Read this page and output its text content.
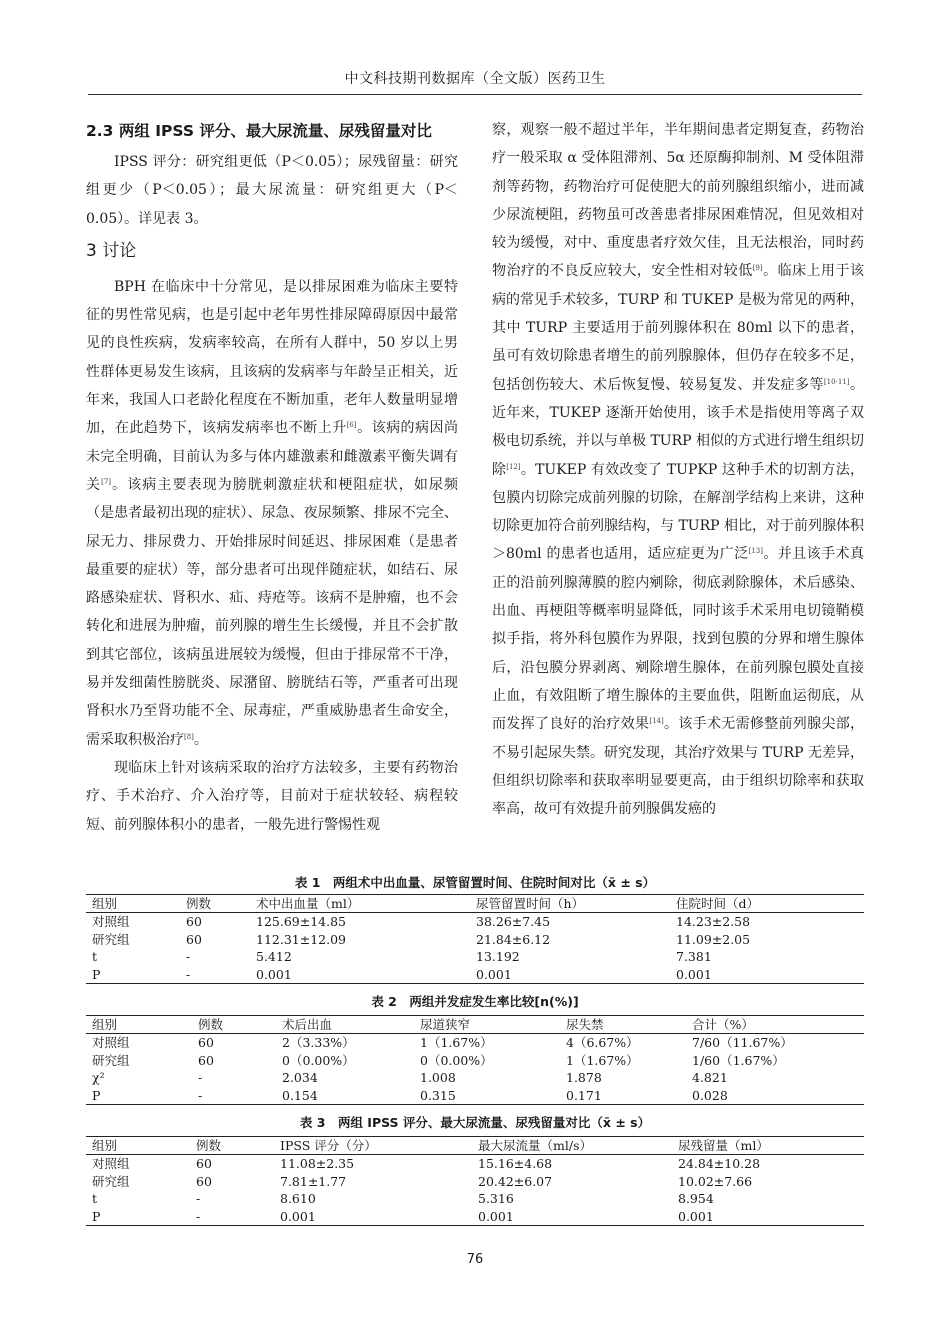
中文科技期刊数据库（全文版）医药卫生
2.3 两组 IPSS 评分、最大尿流量、尿残留量对比

IPSS 评分：研究组更低（P＜0.05）；尿残留量：研究组更少（P＜0.05）；最大尿流量：研究组更大（P＜0.05）。详见表 3。

3 讨论

BPH 在临床中十分常见，是以排尿困难为临床主要特征的男性常见病，也是引起中老年男性排尿障碍原因中最常见的良性疾病，发病率较高，在所有人群中，50 岁以上男性群体更易发生该病，且该病的发病率与年龄呈正相关，近年来，我国人口老龄化程度在不断加重，老年人数量明显增加，在此趋势下，该病发病率也不断上升[6]。该病的病因尚未完全明确，目前认为多与体内雄激素和雌激素平衡失调有关[7]。该病主要表现为膀胱刺激症状和梗阻症状，如尿频（是患者最初出现的症状）、尿急、夜尿频繁、排尿不完全、尿无力、排尿费力、开始排尿时间延迟、排尿困难（是患者最重要的症状）等，部分患者可出现伴随症状，如结石、尿路感染症状、肾积水、疝、痔疮等。该病不是肿瘤，也不会转化和进展为肿瘤，前列腺的增生生长缓慢，并且不会扩散到其它部位，该病虽进展较为缓慢，但由于排尿常不干净，易并发细菌性膀胱炎、尿潴留、膀胱结石等，严重者可出现肾积水乃至肾功能不全、尿毒症，严重威胁患者生命安全，需采取积极治疗[8]。

现临床上针对该病采取的治疗方法较多，主要有药物治疗、手术治疗、介入治疗等，目前对于症状较轻、病程较短、前列腺体积小的患者，一般先进行警惕性观

察，观察一般不超过半年，半年期间患者定期复查，药物治疗一般采取 α 受体阻滞剂、5α 还原酶抑制剂、M 受体阻滞剂等药物，药物治疗可促使肥大的前列腺组织缩小，进而减少尿流梗阻，药物虽可改善患者排尿困难情况，但见效相对较为缓慢，对中、重度患者疗效欠佳，且无法根治，同时药物治疗的不良反应较大，安全性相对较低[9]。临床上用于该病的常见手术较多，TURP 和 TUKEP 是极为常见的两种，其中 TURP 主要适用于前列腺体积在 80ml 以下的患者，虽可有效切除患者增生的前列腺腺体，但仍存在较多不足，包括创伤较大、术后恢复慢、较易复发、并发症多等[10-11]。近年来，TUKEP 逐渐开始使用，该手术是指使用等离子双极电切系统，并以与单极 TURP 相似的方式进行增生组织切除[12]。TUKEP 有效改变了 TUPKP 这种手术的切割方法，包膜内切除完成前列腺的切除，在解剖学结构上来讲，这种切除更加符合前列腺结构，与 TURP 相比，对于前列腺体积＞80ml 的患者也适用，适应症更为广泛[13]。并且该手术真正的沿前列腺薄膜的腔内剜除，彻底剥除腺体，术后感染、出血、再梗阻等概率明显降低，同时该手术采用电切镜鞘模拟手指，将外科包膜作为界限，找到包膜的分界和增生腺体后，沿包膜分界剥离、剜除增生腺体，在前列腺包膜处直接止血，有效阻断了增生腺体的主要血供，阻断血运彻底，从而发挥了良好的治疗效果[14]。该手术无需修整前列腺尖部，不易引起尿失禁。研究发现，其治疗效果与 TURP 无差异，但组织切除率和获取率明显要更高，由于组织切除率和获取率高，故可有效提升前列腺偶发癌的

表 1　两组术中出血量、尿管留置时间、住院时间对比（x̄ ± s）
组别	例数	术中出血量（ml）	尿管留置时间（h）	住院时间（d）
对照组	60	125.69±14.85	38.26±7.45	14.23±2.58
研究组	60	112.31±12.09	21.84±6.12	11.09±2.05
t	-	5.412	13.192	7.381
P	-	0.001	0.001	0.001
表 2　两组并发症发生率比较[n(%)]
组别	例数	术后出血	尿道狭窄	尿失禁	合计（%）
对照组	60	2（3.33%）	1（1.67%）	4（6.67%）	7/60（11.67%）
研究组	60	0（0.00%）	0（0.00%）	1（1.67%）	1/60（1.67%）
χ²	-	2.034	1.008	1.878	4.821
P	-	0.154	0.315	0.171	0.028
表 3　两组 IPSS 评分、最大尿流量、尿残留量对比（x̄ ± s）
组别	例数	IPSS 评分（分）	最大尿流量（ml/s）	尿残留量（ml）
对照组	60	11.08±2.35	15.16±4.68	24.84±10.28
研究组	60	7.81±1.77	20.42±6.07	10.02±7.66
t	-	8.610	5.316	8.954
P	-	0.001	0.001	0.001
76
